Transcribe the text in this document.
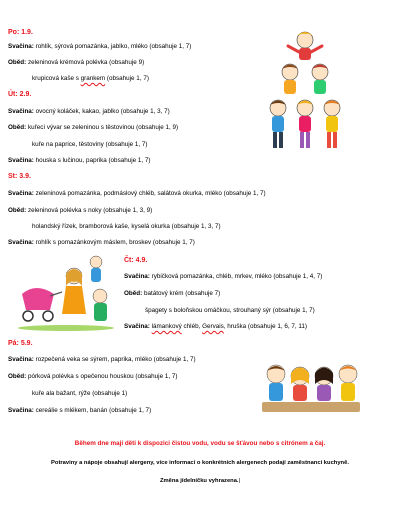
Po: 1.9.
Svačina: rohlík, sýrová pomazánka, jablko, mléko (obsahuje 1, 7)
Oběd: zeleninová krémová polévka (obsahuje 9)
krupicová kaše s grankem (obsahuje 1, 7)
Út: 2.9.
Svačina: ovocný koláček, kakao, jablko (obsahuje 1, 3, 7)
Oběd: kuřecí vývar se zeleninou s těstovinou (obsahuje 1, 9)
kuře na paprice, těstoviny (obsahuje 1, 7)
Svačina: houska s lučinou, paprika (obsahuje 1, 7)
St: 3.9.
Svačina: zeleninová pomazánka, podmáslový chléb, salátová okurka, mléko (obsahuje 1, 7)
Oběd: zeleninová polévka s noky (obsahuje 1, 3, 9)
holandský řízek, bramborová kaše, kyselá okurka (obsahuje 1, 3, 7)
Svačina: rohlík s pomazánkovým máslem, broskev (obsahuje 1, 7)
Čt: 4.9.
Svačina: rybičková pomazánka, chléb, mrkev, mléko (obsahuje 1, 4, 7)
Oběd: batátový krém (obsahuje 7)
špagety s boloňskou omáčkou, strouhaný sýr (obsahuje 1, 7)
Svačina: lámankový chléb, Gervais, hruška (obsahuje 1, 6, 7, 11)
Pá: 5.9.
Svačina: rozpečená veka se sýrem, paprika, mléko (obsahuje 1, 7)
Oběd: pórková polévka s opečenou houskou (obsahuje 1, 7)
kuře ala bažant, rýže (obsahuje 1)
Svačina: cereálie s mlékem, banán (obsahuje 1, 7)
Během dne mají děti k dispozici čistou vodu, vodu se šťávou nebo s citrónem a čaj.
Potraviny a nápoje obsahují alergeny, více informací o konkrétních alergenech podají zaměstnanci kuchyně.
Změna jídelníčku vyhrazena.|
